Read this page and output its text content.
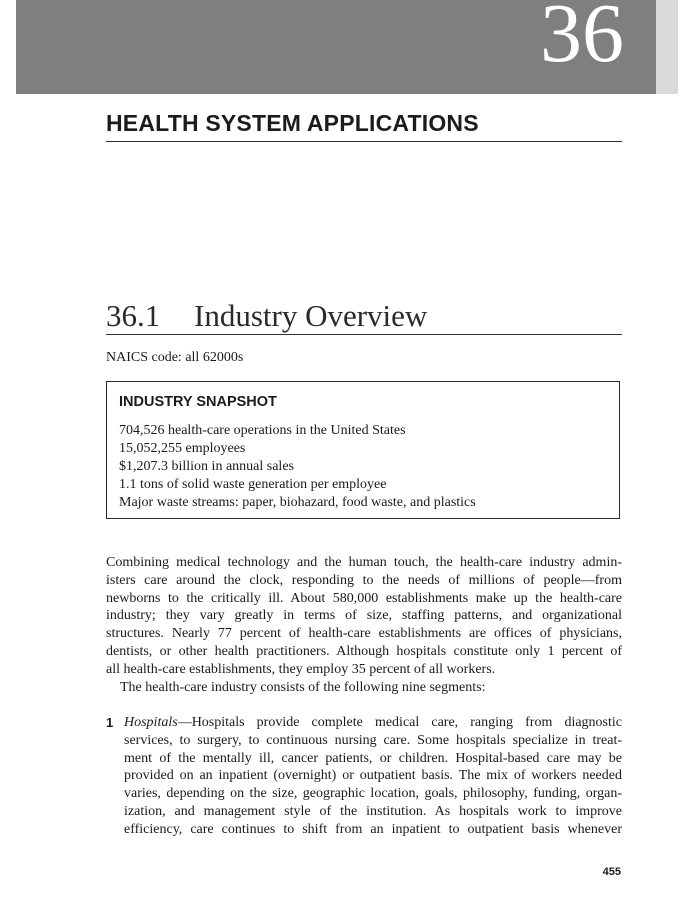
36
HEALTH SYSTEM APPLICATIONS
36.1 Industry Overview
NAICS code: all 62000s
INDUSTRY SNAPSHOT
704,526 health-care operations in the United States
15,052,255 employees
$1,207.3 billion in annual sales
1.1 tons of solid waste generation per employee
Major waste streams: paper, biohazard, food waste, and plastics
Combining medical technology and the human touch, the health-care industry admin-
isters care around the clock, responding to the needs of millions of people—from
newborns to the critically ill. About 580,000 establishments make up the health-care
industry; they vary greatly in terms of size, staffing patterns, and organizational
structures. Nearly 77 percent of health-care establishments are offices of physicians,
dentists, or other health practitioners. Although hospitals constitute only 1 percent of
all health-care establishments, they employ 35 percent of all workers.
The health-care industry consists of the following nine segments:
1 Hospitals—Hospitals provide complete medical care, ranging from diagnostic
services, to surgery, to continuous nursing care. Some hospitals specialize in treat-
ment of the mentally ill, cancer patients, or children. Hospital-based care may be
provided on an inpatient (overnight) or outpatient basis. The mix of workers needed
varies, depending on the size, geographic location, goals, philosophy, funding, organ-
ization, and management style of the institution. As hospitals work to improve
efficiency, care continues to shift from an inpatient to outpatient basis whenever
455
